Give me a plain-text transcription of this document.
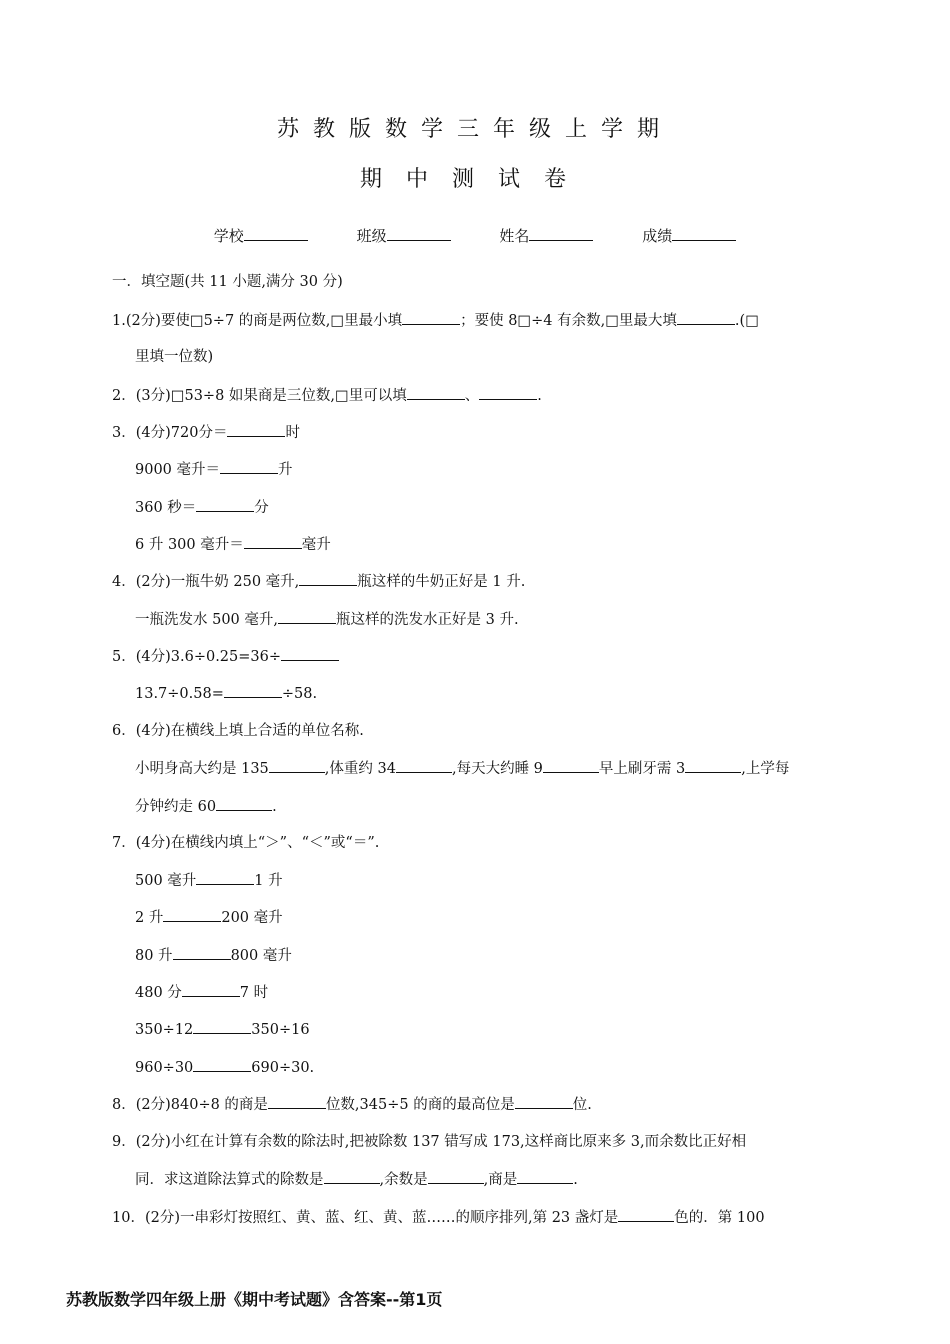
苏教版数学三年级上学期
期中测试卷
学校	班级	姓名	成绩
一．填空题(共 11 小题,满分 30 分)
1.(2分)要使□5÷7 的商是两位数,□里最小填	；要使 8□÷4 有余数,□里最大填	.(□
里填一位数)
2．(3分)□53÷8 如果商是三位数,□里可以填	、	.
3．(4分)720分＝	时
9000 毫升＝	升
360 秒＝	分
6 升 300 毫升＝	毫升
4．(2分)一瓶牛奶 250 毫升,	瓶这样的牛奶正好是 1 升.
一瓶洗发水 500 毫升,	瓶这样的洗发水正好是 3 升.
5．(4分)3.6÷0.25=36÷
13.7÷0.58=	÷58.
6．(4分)在横线上填上合适的单位名称.
小明身高大约是 135	,体重约 34	,每天大约睡 9	早上刷牙需 3	,上学每
分钟约走 60	.
7．(4分)在横线内填上“＞”、“＜”或“＝”.
500 毫升	1 升
2 升	200 毫升
80 升	800 毫升
480 分	7 时
350÷12	350÷16
960÷30	690÷30.
8．(2分)840÷8 的商是	位数,345÷5 的商的最高位是	位.
9．(2分)小红在计算有余数的除法时,把被除数 137 错写成 173,这样商比原来多 3,而余数比正好相
同．求这道除法算式的除数是	,余数是	,商是	.
10．(2分)一串彩灯按照红、黄、蓝、红、黄、蓝……的顺序排列,第 23 盏灯是	色的．第 100
苏教版数学四年级上册《期中考试题》含答案--第1页
